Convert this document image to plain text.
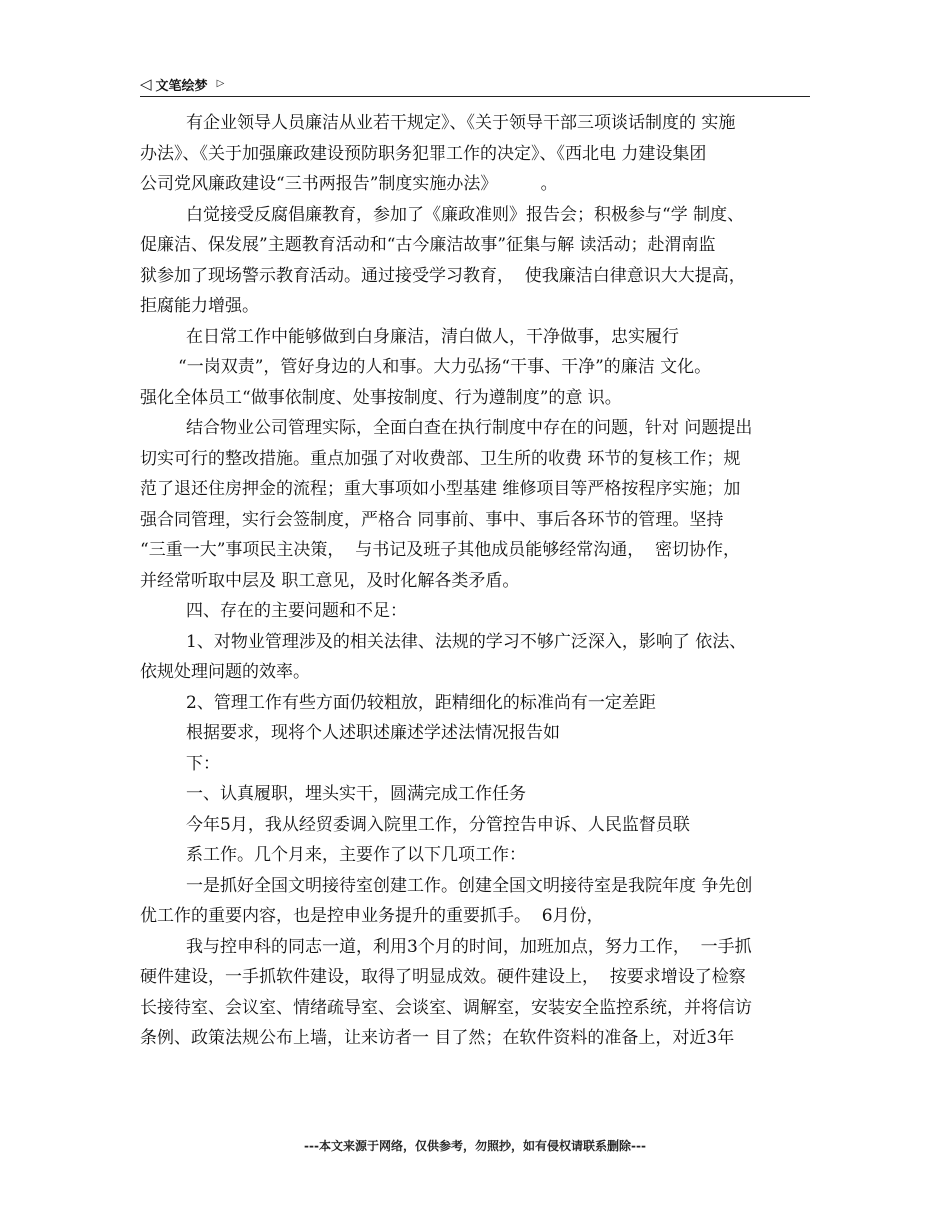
◁ 文笔绘梦 ▷
有企业领导人员廉洁从业若干规定》、《关于领导干部三项谈话制度的 实施
办法》、《关于加强廉政建设预防职务犯罪工作的决定》、《西北电 力建设集团
公司党风廉政建设“三书两报告”制度实施办法》        。
白觉接受反腐倡廉教育，参加了《廉政准则》报告会；积极参与“学 制度、
促廉洁、保发展”主题教育活动和“古今廉洁故事”征集与解 读活动；赴渭南监
狱参加了现场警示教育活动。通过接受学习教育，  使我廉洁白律意识大大提高，
拒腐能力增强。
在日常工作中能够做到白身廉洁，清白做人，干净做事，忠实履行
“一岗双责”，管好身边的人和事。大力弘扬“干事、干净”的廉洁 文化。
强化全体员工“做事依制度、处事按制度、行为遵制度”的意 识。
结合物业公司管理实际，全面白查在执行制度中存在的问题，针对 问题提出
切实可行的整改措施。重点加强了对收费部、卫生所的收费 环节的复核工作；规
范了退还住房押金的流程；重大事项如小型基建 维修项目等严格按程序实施；加
强合同管理，实行会签制度，严格合 同事前、事中、事后各环节的管理。坚持
“三重一大”事项民主决策，  与书记及班子其他成员能够经常沟通，  密切协作，
并经常听取中层及 职工意见，及时化解各类矛盾。
四、存在的主要问题和不足：
1、对物业管理涉及的相关法律、法规的学习不够广泛深入，影响了 依法、
依规处理问题的效率。
2、管理工作有些方面仍较粗放，距精细化的标准尚有一定差距
根据要求，现将个人述职述廉述学述法情况报告如
下：
一、认真履职，埋头实干，圆满完成工作任务
今年5月，我从经贸委调入院里工作，分管控告申诉、人民监督员联
系工作。几个月来，主要作了以下几项工作：
一是抓好全国文明接待室创建工作。创建全国文明接待室是我院年度 争先创
优工作的重要内容，也是控申业务提升的重要抓手。  6月份，
我与控申科的同志一道，利用3个月的时间，加班加点，努力工作，  一手抓
硬件建设，一手抓软件建设，取得了明显成效。硬件建设上，  按要求增设了检察
长接待室、会议室、情绪疏导室、会谈室、调解室，安装安全监控系统，并将信访
条例、政策法规公布上墙，让来访者一 目了然；在软件资料的准备上，对近3年
---本文来源于网络，仅供参考，勿照抄，如有侵权请联系删除---
